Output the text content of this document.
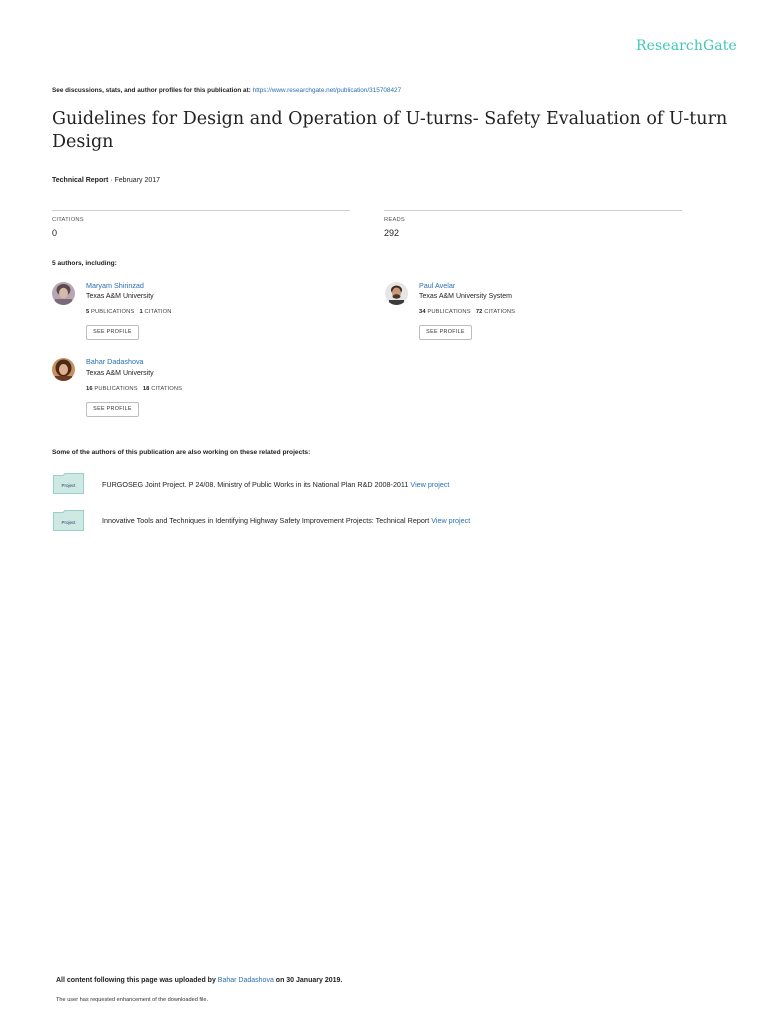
ResearchGate
See discussions, stats, and author profiles for this publication at: https://www.researchgate.net/publication/315708427
Guidelines for Design and Operation of U-turns- Safety Evaluation of U-turn Design
Technical Report · February 2017
CITATIONS
0
READS
292
5 authors, including:
Maryam Shirinzad
Texas A&M University
5 PUBLICATIONS 1 CITATION
SEE PROFILE
Paul Avelar
Texas A&M University System
34 PUBLICATIONS 72 CITATIONS
SEE PROFILE
Bahar Dadashova
Texas A&M University
16 PUBLICATIONS 18 CITATIONS
SEE PROFILE
Some of the authors of this publication are also working on these related projects:
Project	FURGOSEG Joint Project. P 24/08. Ministry of Public Works in its National Plan R&D 2008-2011 View project
Project	Innovative Tools and Techniques in Identifying Highway Safety Improvement Projects: Technical Report View project
All content following this page was uploaded by Bahar Dadashova on 30 January 2019.
The user has requested enhancement of the downloaded file.
